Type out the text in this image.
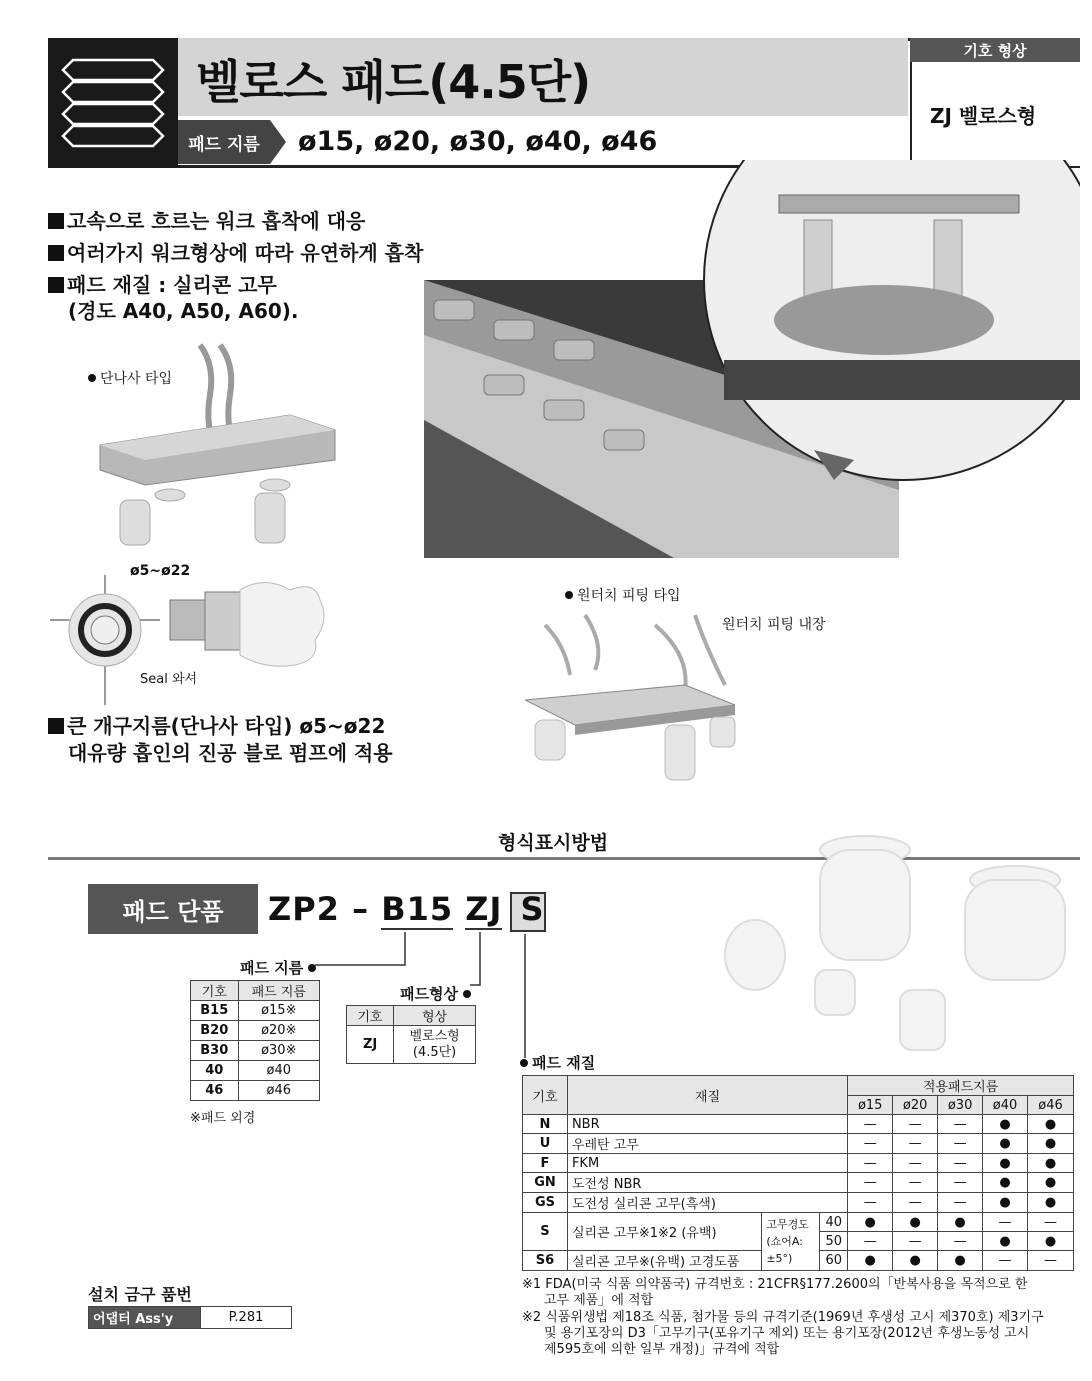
벨로스 패드(4.5단)
패드 지름	ø15, ø20, ø30, ø40, ø46
기호 형상
ZJ 벨로스형
고속으로 흐르는 워크 흡착에 대응
여러가지 워크형상에 따라 유연하게 흡착
패드 재질 : 실리콘 고무
(경도 A40, A50, A60).
단나사 타입
ø5~ø22
Seal 와셔
큰 개구지름(단나사 타입) ø5~ø22
대유량 흡인의 진공 블로 펌프에 적용
원터치 피팅 타입
원터치 피팅 내장
형식표시방법
패드 단품	ZP2 – B15 ZJ S
패드 지름
기호	패드 지름
B15	ø15※
B20	ø20※
B30	ø30※
40	ø40
46	ø46
※패드 외경
패드형상
기호	형상
ZJ	벨로스형
(4.5단)
패드 재질
기호	재질			적용패드지름				
				ø15	ø20	ø30	ø40	ø46
N	NBR			—	—	—	●	●
U	우레탄 고무			—	—	—	●	●
F	FKM			—	—	—	●	●
GN	도전성 NBR			—	—	—	●	●
GS	도전성 실리콘 고무(흑색)			—	—	—	●	●
S	실리콘 고무※1※2 (유백)	고무경도 (쇼어A: ±5°)	40	●	●	●	—	—
			50	—	—	—	●	●
S6	실리콘 고무※(유백) 고경도품		60	●	●	●	—	—
※1 FDA(미국 식품 의약품국) 규격번호 : 21CFR§177.2600의「반복사용을 목적으로 한
고무 제품」에 적합
※2 식품위생법 제18조 식품, 첨가물 등의 규격기준(1969년 후생성 고시 제370호) 제3기구
및 용기포장의 D3「고무기구(포유기구 제외) 또는 용기포장(2012년 후생노동성 고시
제595호에 의한 일부 개정)」규격에 적합
설치 금구 품번
어댑터 Ass'y	P.281
